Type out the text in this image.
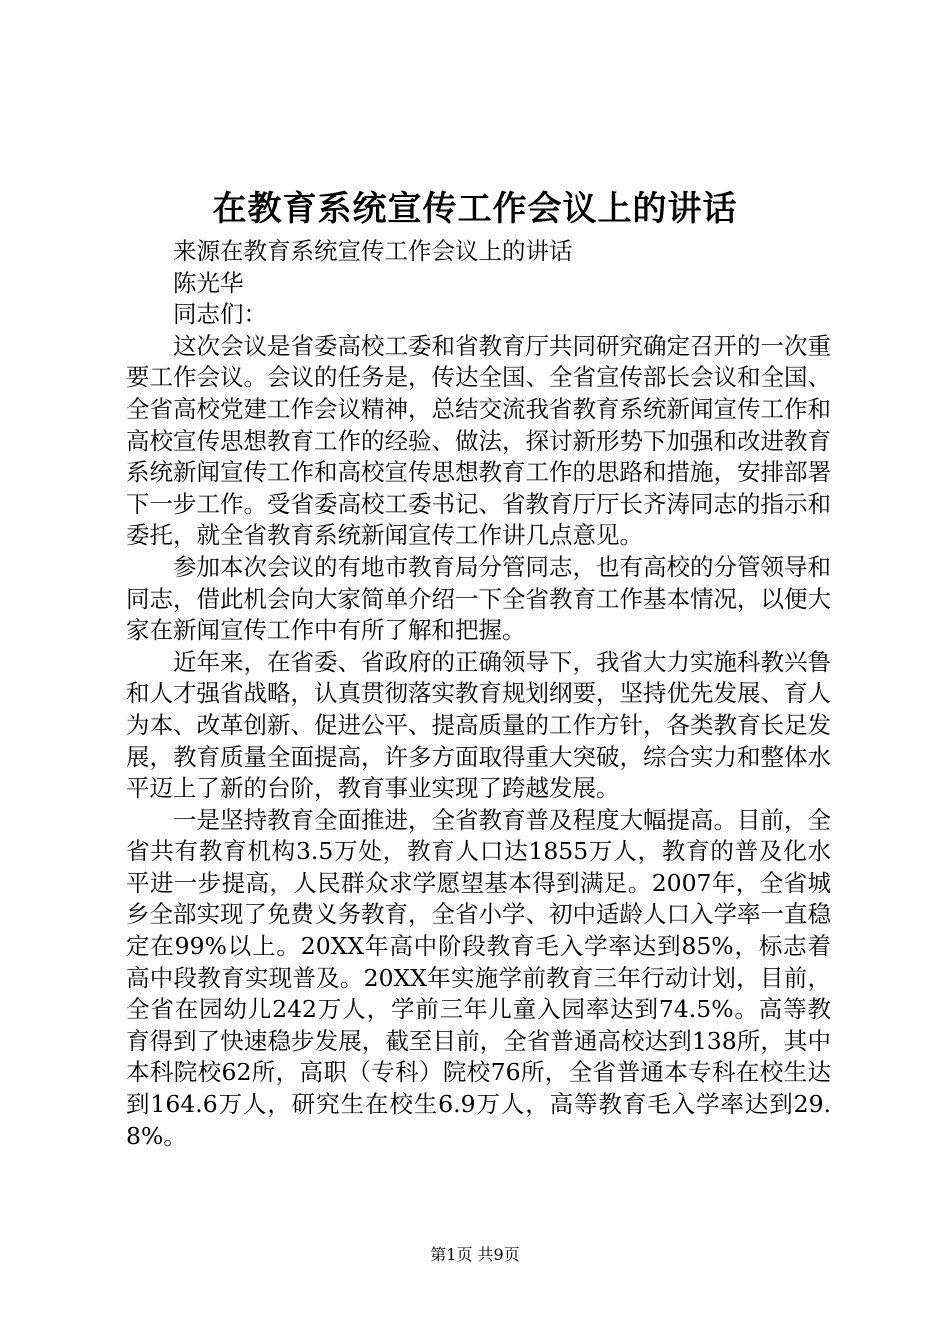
在教育系统宣传工作会议上的讲话

来源在教育系统宣传工作会议上的讲话

陈光华

同志们：

这次会议是省委高校工委和省教育厅共同研究确定召开的一次重要工作会议。会议的任务是，传达全国、全省宣传部长会议和全国、全省高校党建工作会议精神，总结交流我省教育系统新闻宣传工作和高校宣传思想教育工作的经验、做法，探讨新形势下加强和改进教育系统新闻宣传工作和高校宣传思想教育工作的思路和措施，安排部署下一步工作。受省委高校工委书记、省教育厅厅长齐涛同志的指示和委托，就全省教育系统新闻宣传工作讲几点意见。

参加本次会议的有地市教育局分管同志，也有高校的分管领导和同志，借此机会向大家简单介绍一下全省教育工作基本情况，以便大家在新闻宣传工作中有所了解和把握。

近年来，在省委、省政府的正确领导下，我省大力实施科教兴鲁和人才强省战略，认真贯彻落实教育规划纲要，坚持优先发展、育人为本、改革创新、促进公平、提高质量的工作方针，各类教育长足发展，教育质量全面提高，许多方面取得重大突破，综合实力和整体水平迈上了新的台阶，教育事业实现了跨越发展。

一是坚持教育全面推进，全省教育普及程度大幅提高。目前，全省共有教育机构3.5万处，教育人口达1855万人，教育的普及化水平进一步提高，人民群众求学愿望基本得到满足。2007年，全省城乡全部实现了免费义务教育，全省小学、初中适龄人口入学率一直稳定在99%以上。20XX年高中阶段教育毛入学率达到85%，标志着高中段教育实现普及。20XX年实施学前教育三年行动计划，目前，全省在园幼儿242万人，学前三年儿童入园率达到74.5%。高等教育得到了快速稳步发展，截至目前，全省普通高校达到138所，其中本科院校62所，高职（专科）院校76所，全省普通本专科在校生达到164.6万人，研究生在校生6.9万人，高等教育毛入学率达到29.8%。

第1页 共9页
